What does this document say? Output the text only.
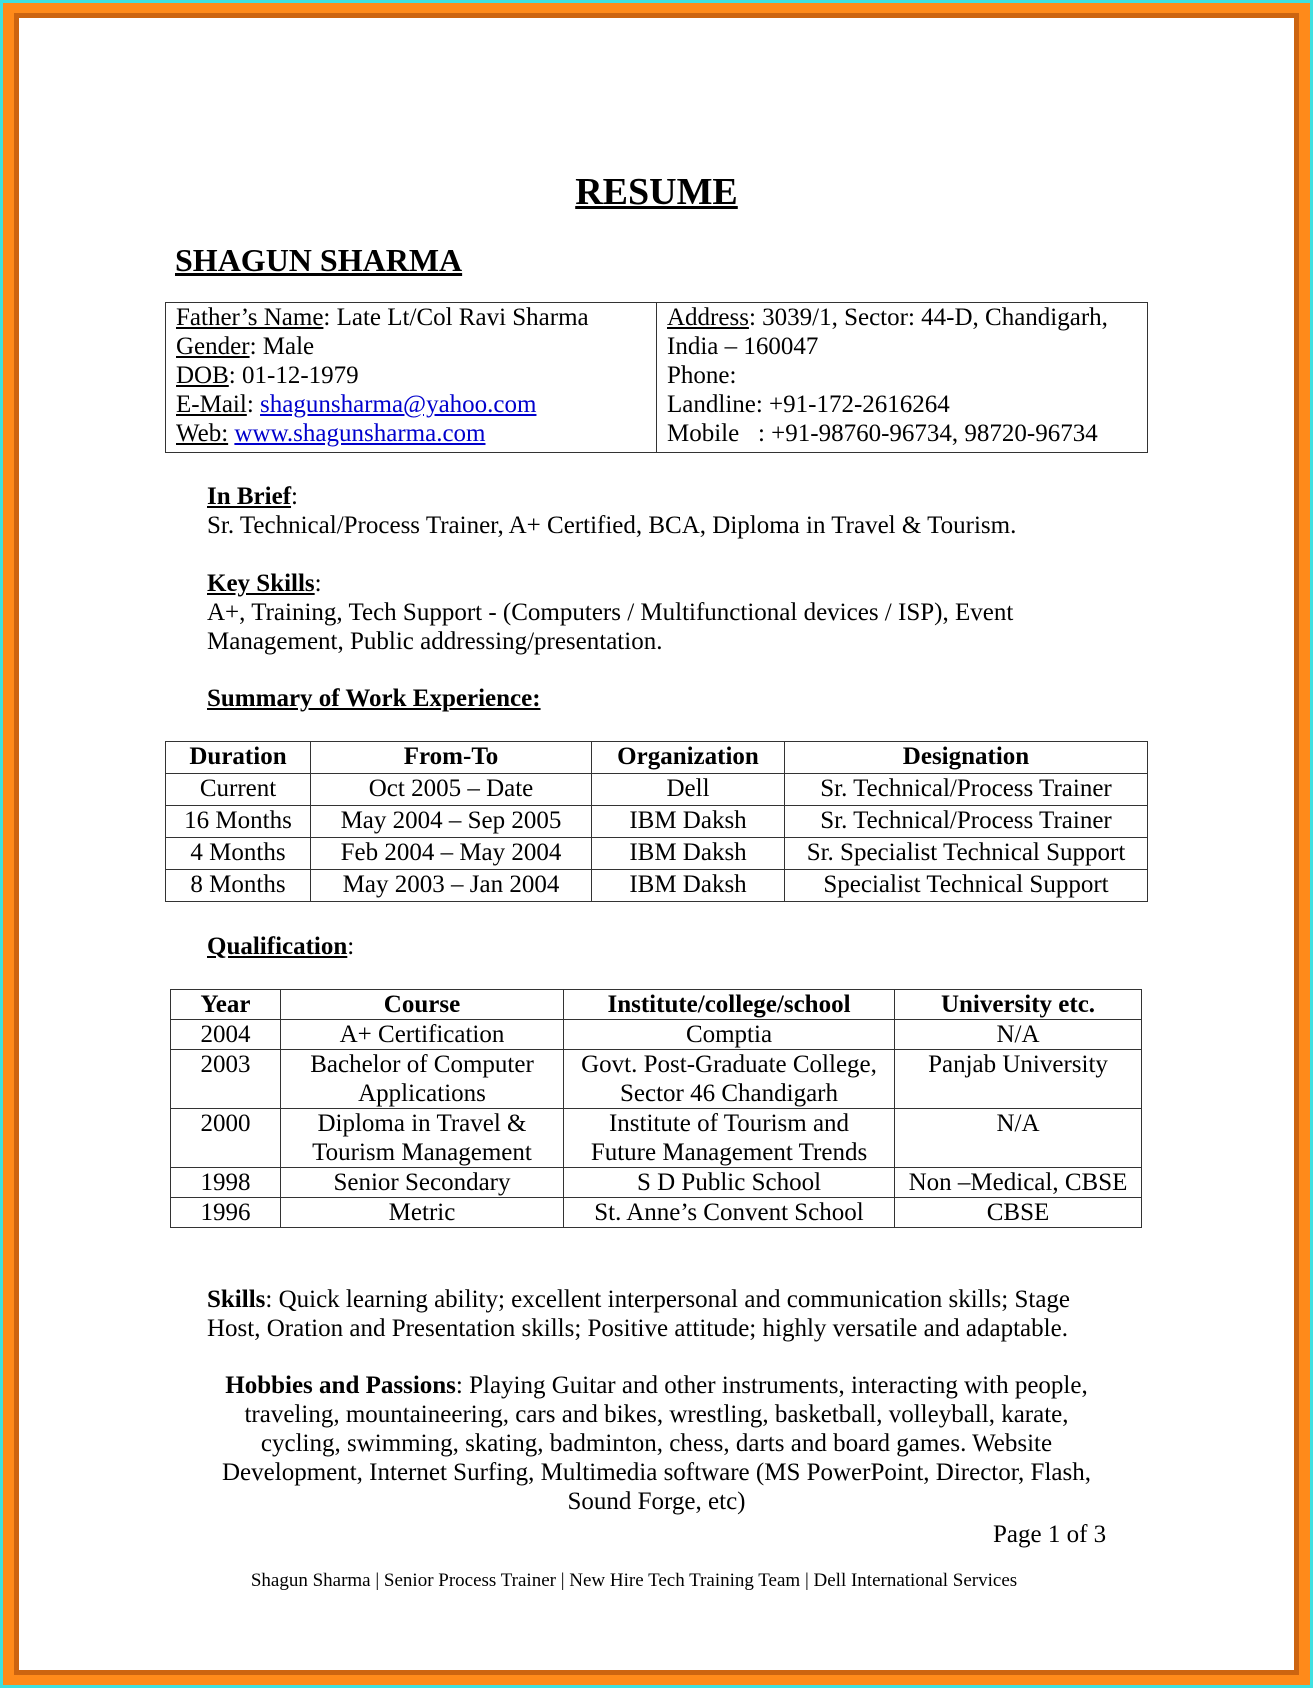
RESUME
SHAGUN SHARMA
Father’s Name: Late Lt/Col Ravi Sharma
Gender: Male
DOB: 01-12-1979
E-Mail: shagunsharma@yahoo.com
Web: www.shagunsharma.com
Address: 3039/1, Sector: 44-D, Chandigarh,
India – 160047
Phone:
Landline: +91-172-2616264
Mobile   : +91-98760-96734, 98720-96734
In Brief:
Sr. Technical/Process Trainer, A+ Certified, BCA, Diploma in Travel & Tourism.
Key Skills:
A+, Training, Tech Support - (Computers / Multifunctional devices / ISP), Event
Management, Public addressing/presentation.
Summary of Work Experience:
Duration	From-To	Organization	Designation
Current	Oct 2005 – Date	Dell	Sr. Technical/Process Trainer
16 Months	May 2004 – Sep 2005	IBM Daksh	Sr. Technical/Process Trainer
4 Months	Feb 2004 – May 2004	IBM Daksh	Sr. Specialist Technical Support
8 Months	May 2003 – Jan 2004	IBM Daksh	Specialist Technical Support
Qualification:
Year	Course	Institute/college/school	University etc.
2004	A+ Certification	Comptia	N/A
2003	Bachelor of Computer Applications	Govt. Post-Graduate College, Sector 46 Chandigarh	Panjab University
2000	Diploma in Travel & Tourism Management	Institute of Tourism and Future Management Trends	N/A
1998	Senior Secondary	S D Public School	Non –Medical, CBSE
1996	Metric	St. Anne’s Convent School	CBSE
Skills: Quick learning ability; excellent interpersonal and communication skills; Stage
Host, Oration and Presentation skills; Positive attitude; highly versatile and adaptable.
Hobbies and Passions: Playing Guitar and other instruments, interacting with people,
traveling, mountaineering, cars and bikes, wrestling, basketball, volleyball, karate,
cycling, swimming, skating, badminton, chess, darts and board games. Website
Development, Internet Surfing, Multimedia software (MS PowerPoint, Director, Flash,
Sound Forge, etc)
Page 1 of 3
Shagun Sharma | Senior Process Trainer | New Hire Tech Training Team | Dell International Services
